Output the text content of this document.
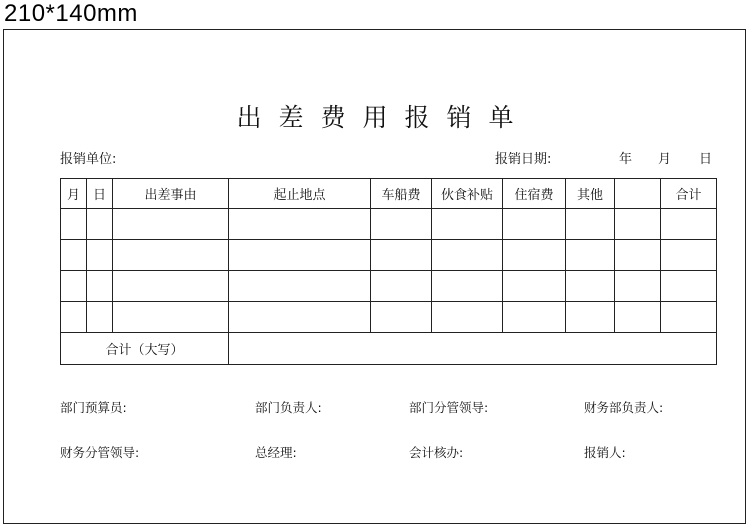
210*140mm
出差费用报销单
报销单位:	报销日期:	年 月 日
月	日	出差事由	起止地点	车船费	伙食补贴	住宿费	其他		合计

合计（大写）									
部门预算员:	部门负责人:	部门分管领导:	财务部负责人:
财务分管领导:	总经理:	会计核办:	报销人:
